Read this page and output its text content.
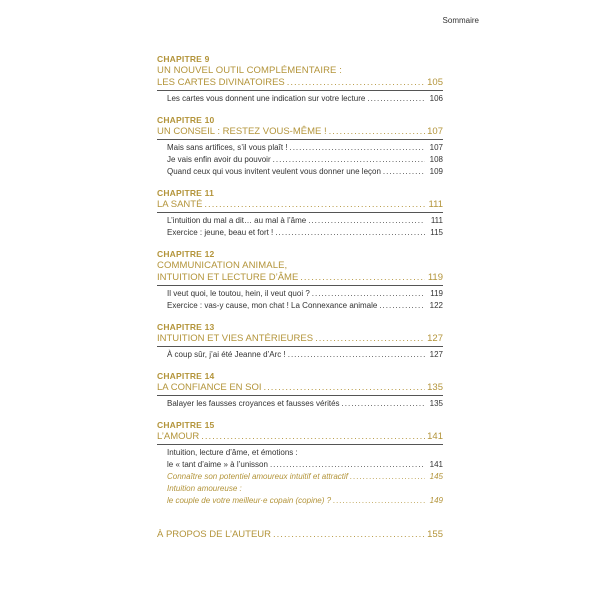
Sommaire
CHAPITRE 9
UN NOUVEL OUTIL COMPLÉMENTAIRE :
LES CARTES DIVINATOIRES .....	105
Les cartes vous donnent une indication sur votre lecture .....	106
CHAPITRE 10
UN CONSEIL : RESTEZ VOUS-MÊME ! .....	107
Mais sans artifices, s’il vous plaît ! .....	107
Je vais enfin avoir du pouvoir .....	108
Quand ceux qui vous invitent veulent vous donner une leçon .....	109
CHAPITRE 11
LA SANTÉ .....	111
L’intuition du mal a dit… au mal à l’âme .....	111
Exercice : jeune, beau et fort ! .....	115
CHAPITRE 12
COMMUNICATION ANIMALE,
INTUITION ET LECTURE D’ÂME .....	119
Il veut quoi, le toutou, hein, il veut quoi ? .....	119
Exercice : vas-y cause, mon chat ! La Connexance animale .....	122
CHAPITRE 13
INTUITION ET VIES ANTÉRIEURES .....	127
À coup sûr, j’ai été Jeanne d’Arc ! .....	127
CHAPITRE 14
LA CONFIANCE EN SOI .....	135
Balayer les fausses croyances et fausses vérités .....	135
CHAPITRE 15
L’AMOUR .....	141
Intuition, lecture d’âme, et émotions :
le « tant d’aime » à l’unisson .....	141
Connaître son potentiel amoureux intuitif et attractif .....	145
Intuition amoureuse :
le couple de votre meilleur·e copain (copine) ? .....	149
À PROPOS DE L’AUTEUR .....	155
